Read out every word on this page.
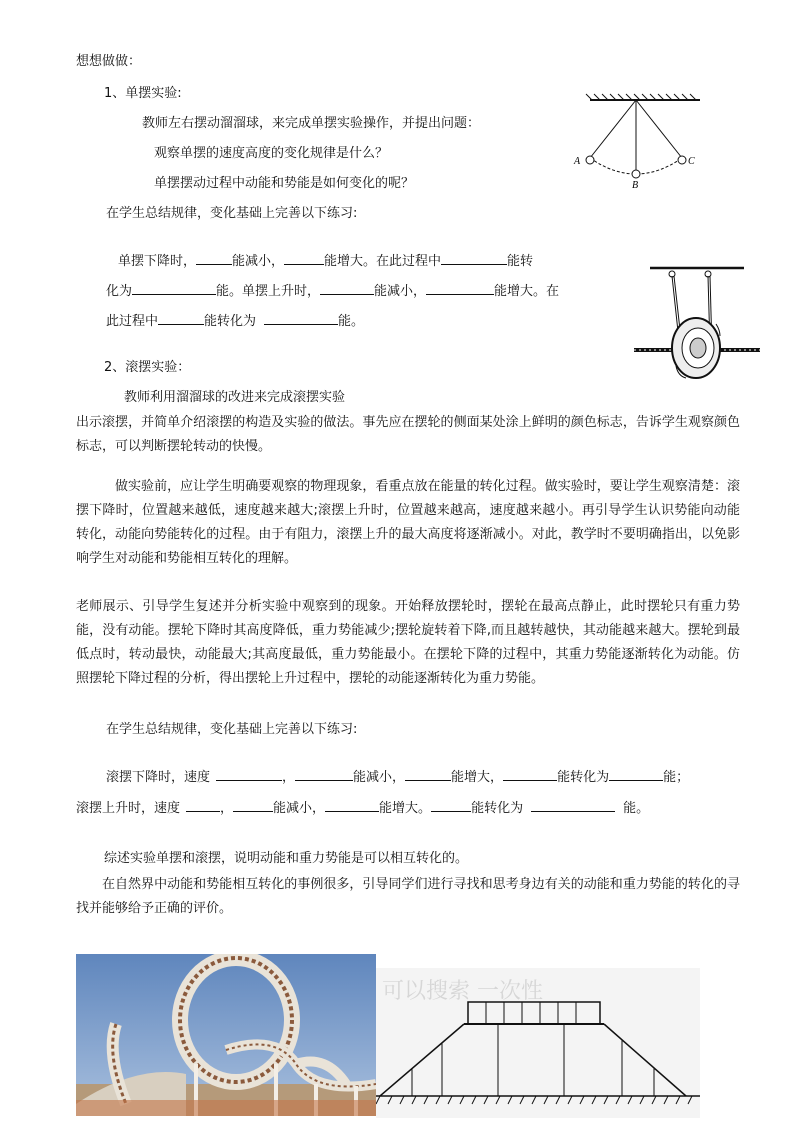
想想做做：
1、单摆实验:
教师左右摆动溜溜球，来完成单摆实验操作，并提出问题：
观察单摆的速度高度的变化规律是什么？
单摆摆动过程中动能和势能是如何变化的呢？
在学生总结规律，变化基础上完善以下练习:
A
B
C
单摆下降时，	能减小，	能增大。在此过程中	能转
化为	能。单摆上升时，	能减小，	能增大。在
此过程中	能转化为	能。
2、滚摆实验：
教师利用溜溜球的改进来完成滚摆实验
出示滚摆，并简单介绍滚摆的构造及实验的做法。事先应在摆轮的侧面某处涂上鲜明的颜色标志，告诉学生观察颜色标志，可以判断摆轮转动的快慢。
做实验前，应让学生明确要观察的物理现象，看重点放在能量的转化过程。做实验时，要让学生观察清楚：滚摆下降时，位置越来越低，速度越来越大;滚摆上升时，位置越来越高，速度越来越小。再引导学生认识势能向动能转化，动能向势能转化的过程。由于有阻力，滚摆上升的最大高度将逐渐减小。对此，教学时不要明确指出，以免影响学生对动能和势能相互转化的理解。
老师展示、引导学生复述并分析实验中观察到的现象。开始释放摆轮时，摆轮在最高点静止，此时摆轮只有重力势能，没有动能。摆轮下降时其高度降低，重力势能减少;摆轮旋转着下降,而且越转越快，其动能越来越大。摆轮到最低点时，转动最快，动能最大;其高度最低，重力势能最小。在摆轮下降的过程中，其重力势能逐渐转化为动能。仿照摆轮下降过程的分析，得出摆轮上升过程中，摆轮的动能逐渐转化为重力势能。
在学生总结规律，变化基础上完善以下练习:
滚摆下降时，速度	，	能减小，	能增大，	能转化为	能；
滚摆上升时，速度	，	能减小，	能增大。	能转化为	能。
综述实验单摆和滚摆，说明动能和重力势能是可以相互转化的。
在自然界中动能和势能相互转化的事例很多，引导同学们进行寻找和思考身边有关的动能和重力势能的转化的寻找并能够给予正确的评价。
可以搜索 一次性
